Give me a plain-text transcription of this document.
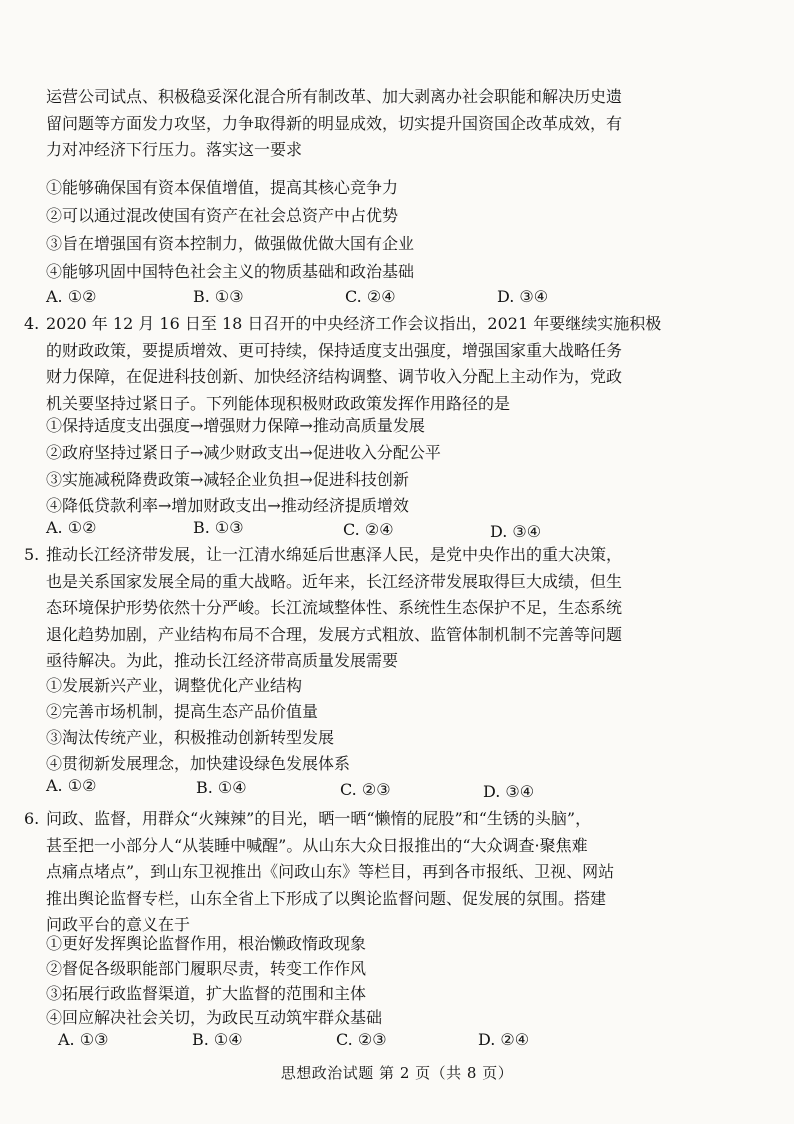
运营公司试点、积极稳妥深化混合所有制改革、加大剥离办社会职能和解决历史遗
留问题等方面发力攻坚，力争取得新的明显成效，切实提升国资国企改革成效，有
力对冲经济下行压力。落实这一要求
①能够确保国有资本保值增值，提高其核心竞争力
②可以通过混改使国有资产在社会总资产中占优势
③旨在增强国有资本控制力，做强做优做大国有企业
④能够巩固中国特色社会主义的物质基础和政治基础
A. ①②	B. ①③	C. ②④	D. ③④
4. 2020 年 12 月 16 日至 18 日召开的中央经济工作会议指出，2021 年要继续实施积极
的财政政策，要提质增效、更可持续，保持适度支出强度，增强国家重大战略任务
财力保障，在促进科技创新、加快经济结构调整、调节收入分配上主动作为，党政
机关要坚持过紧日子。下列能体现积极财政政策发挥作用路径的是
①保持适度支出强度→增强财力保障→推动高质量发展
②政府坚持过紧日子→减少财政支出→促进收入分配公平
③实施减税降费政策→减轻企业负担→促进科技创新
④降低贷款利率→增加财政支出→推动经济提质增效
A. ①②	B. ①③	C. ②④	D. ③④
5. 推动长江经济带发展，让一江清水绵延后世惠泽人民，是党中央作出的重大决策，
也是关系国家发展全局的重大战略。近年来，长江经济带发展取得巨大成绩，但生
态环境保护形势依然十分严峻。长江流域整体性、系统性生态保护不足，生态系统
退化趋势加剧，产业结构布局不合理，发展方式粗放、监管体制机制不完善等问题
亟待解决。为此，推动长江经济带高质量发展需要
①发展新兴产业，调整优化产业结构
②完善市场机制，提高生态产品价值量
③淘汰传统产业，积极推动创新转型发展
④贯彻新发展理念，加快建设绿色发展体系
A. ①②	B. ①④	C. ②③	D. ③④
6. 问政、监督，用群众“火辣辣”的目光，晒一晒“懒惰的屁股”和“生锈的头脑”，
甚至把一小部分人“从装睡中喊醒”。从山东大众日报推出的“大众调查·聚焦难
点痛点堵点”，到山东卫视推出《问政山东》等栏目，再到各市报纸、卫视、网站
推出舆论监督专栏，山东全省上下形成了以舆论监督问题、促发展的氛围。搭建
问政平台的意义在于
①更好发挥舆论监督作用，根治懒政惰政现象
②督促各级职能部门履职尽责，转变工作作风
③拓展行政监督渠道，扩大监督的范围和主体
④回应解决社会关切，为政民互动筑牢群众基础
A. ①③	B. ①④	C. ②③	D. ②④
思想政治试题 第 2 页（共 8 页）
